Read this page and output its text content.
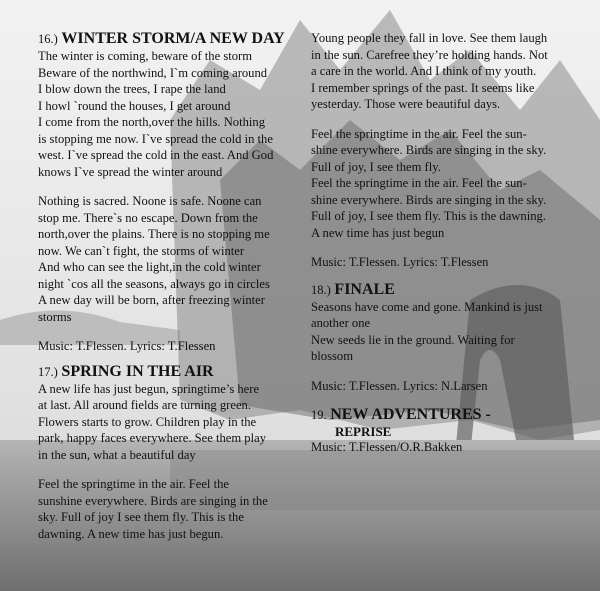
16.) WINTER STORM/A NEW DAY

The winter is coming, beware of the storm
Beware of the northwind, I`m coming around
I blow down the trees, I rape the land
I howl `round the houses, I get around
I come from the north,over the hills. Nothing
is stopping me now. I`ve spread the cold in the
west. I`ve spread the cold in the east. And God
knows I`ve spread the winter around
Nothing is sacred. Noone is safe. Noone can
stop me. There`s no escape. Down from the
north,over the plains. There is no stopping me
now. We can`t fight, the storms of winter
And who can see the light,in the cold winter
night `cos all the seasons, always go in circles
A new day will be born, after freezing winter
storms

Music: T.Flessen. Lyrics: T.Flessen

17.) SPRING IN THE AIR

A new life has just begun, springtime’s here
at last. All around fields are turning green.
Flowers starts to grow. Children play in the
park, happy faces everywhere. See them play
in the sun, what a beautiful day
Feel the springtime in the air. Feel the
sunshine everywhere. Birds are singing in the
sky. Full of joy I see them fly. This is the
dawning. A new time has just begun.
Young people they fall in love. See them laugh
in the sun. Carefree they’re holding hands. Not
a care in the world. And I think of my youth.
I remember springs of the past. It seems like
yesterday. Those were beautiful days.
Feel the springtime in the air. Feel the sun-
shine everywhere. Birds are singing in the sky.
Full of joy, I see them fly.
Feel the springtime in the air. Feel the sun-
shine everywhere. Birds are singing in the sky.
Full of joy, I see them fly. This is the dawning.
A new time has just begun

Music: T.Flessen. Lyrics: T.Flessen

18.) FINALE

Seasons have come and gone. Mankind is just
another one
New seeds lie in the ground. Waiting for
blossom

Music: T.Flessen. Lyrics: N.Larsen

19. NEW ADVENTURES -

REPRISE

Music: T.Flessen/O.R.Bakken
